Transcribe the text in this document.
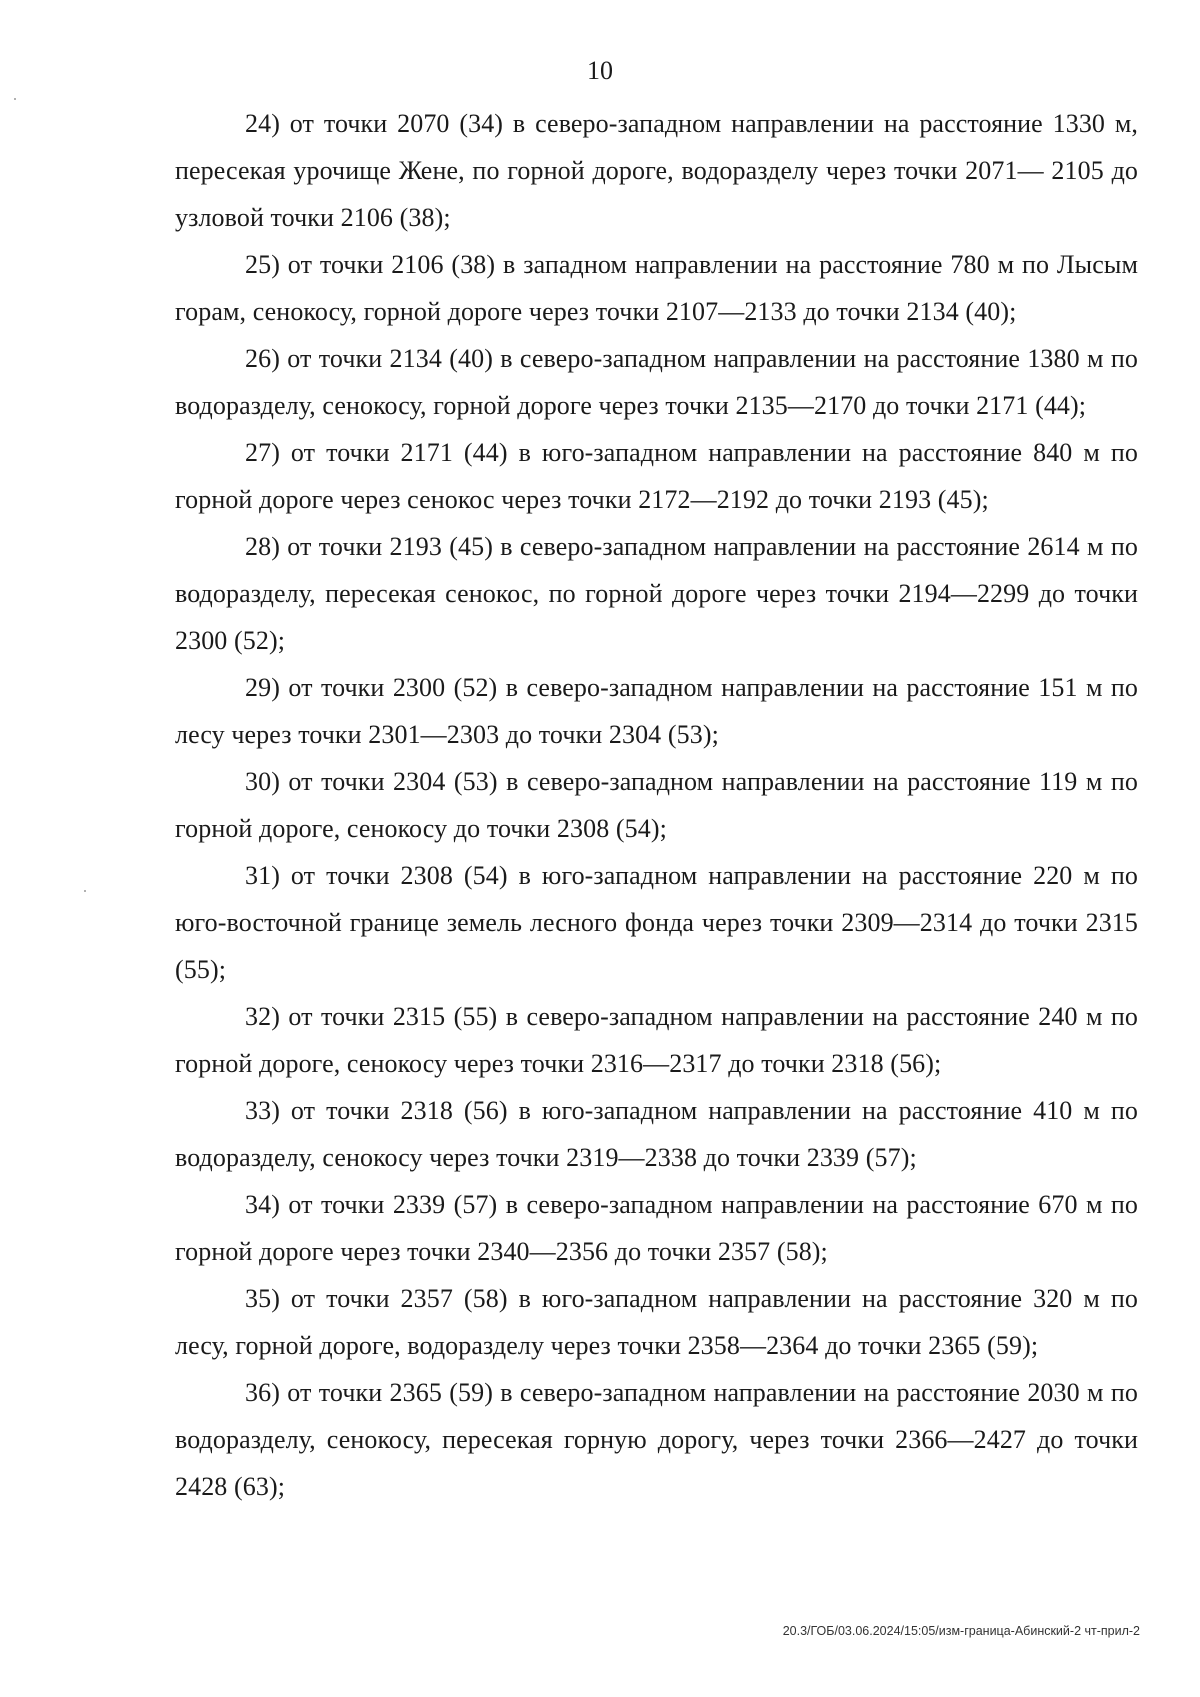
10

24) от точки 2070 (34) в северо-западном направлении на расстояние 1330 м, пересекая урочище Жене, по горной дороге, водоразделу через точки 2071— 2105 до узловой точки 2106 (38);

25) от точки 2106 (38) в западном направлении на расстояние 780 м по Лысым горам, сенокосу, горной дороге через точки 2107—2133 до точки 2134 (40);

26) от точки 2134 (40) в северо-западном направлении на расстояние 1380 м по водоразделу, сенокосу, горной дороге через точки 2135—2170 до точки 2171 (44);

27) от точки 2171 (44) в юго-западном направлении на расстояние 840 м по горной дороге через сенокос через точки 2172—2192 до точки 2193 (45);

28) от точки 2193 (45) в северо-западном направлении на расстояние 2614 м по водоразделу, пересекая сенокос, по горной дороге через точки 2194—2299 до точки 2300 (52);

29) от точки 2300 (52) в северо-западном направлении на расстояние 151 м по лесу через точки 2301—2303 до точки 2304 (53);

30) от точки 2304 (53) в северо-западном направлении на расстояние 119 м по горной дороге, сенокосу до точки 2308 (54);

31) от точки 2308 (54) в юго-западном направлении на расстояние 220 м по юго-восточной границе земель лесного фонда через точки 2309—2314 до точки 2315 (55);

32) от точки 2315 (55) в северо-западном направлении на расстояние 240 м по горной дороге, сенокосу через точки 2316—2317 до точки 2318 (56);

33) от точки 2318 (56) в юго-западном направлении на расстояние 410 м по водоразделу, сенокосу через точки 2319—2338 до точки 2339 (57);

34) от точки 2339 (57) в северо-западном направлении на расстояние 670 м по горной дороге через точки 2340—2356 до точки 2357 (58);

35) от точки 2357 (58) в юго-западном направлении на расстояние 320 м по лесу, горной дороге, водоразделу через точки 2358—2364 до точки 2365 (59);

36) от точки 2365 (59) в северо-западном направлении на расстояние 2030 м по водоразделу, сенокосу, пересекая горную дорогу, через точки 2366—2427 до точки 2428 (63);

20.3/ГОБ/03.06.2024/15:05/изм-граница-Абинский-2 чт-прил-2
